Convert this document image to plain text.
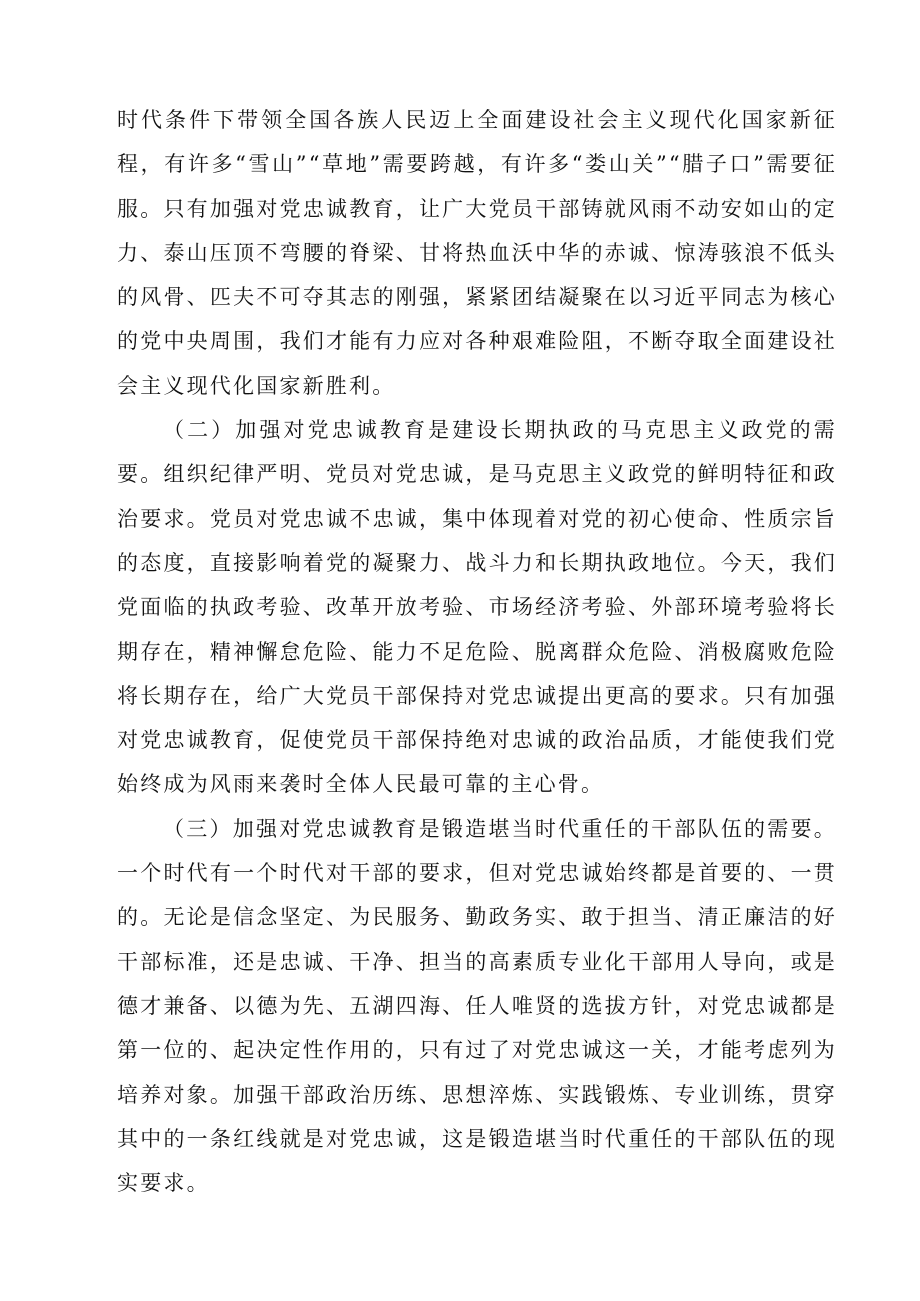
时代条件下带领全国各族人民迈上全面建设社会主义现代化国家新征程，有许多“雪山”“草地”需要跨越，有许多“娄山关”“腊子口”需要征服。只有加强对党忠诚教育，让广大党员干部铸就风雨不动安如山的定力、泰山压顶不弯腰的脊梁、甘将热血沃中华的赤诚、惊涛骇浪不低头的风骨、匹夫不可夺其志的刚强，紧紧团结凝聚在以习近平同志为核心的党中央周围，我们才能有力应对各种艰难险阻，不断夺取全面建设社会主义现代化国家新胜利。

（二）加强对党忠诚教育是建设长期执政的马克思主义政党的需要。组织纪律严明、党员对党忠诚，是马克思主义政党的鲜明特征和政治要求。党员对党忠诚不忠诚，集中体现着对党的初心使命、性质宗旨的态度，直接影响着党的凝聚力、战斗力和长期执政地位。今天，我们党面临的执政考验、改革开放考验、市场经济考验、外部环境考验将长期存在，精神懈怠危险、能力不足危险、脱离群众危险、消极腐败危险将长期存在，给广大党员干部保持对党忠诚提出更高的要求。只有加强对党忠诚教育，促使党员干部保持绝对忠诚的政治品质，才能使我们党始终成为风雨来袭时全体人民最可靠的主心骨。

（三）加强对党忠诚教育是锻造堪当时代重任的干部队伍的需要。一个时代有一个时代对干部的要求，但对党忠诚始终都是首要的、一贯的。无论是信念坚定、为民服务、勤政务实、敢于担当、清正廉洁的好干部标准，还是忠诚、干净、担当的高素质专业化干部用人导向，或是德才兼备、以德为先、五湖四海、任人唯贤的选拔方针，对党忠诚都是第一位的、起决定性作用的，只有过了对党忠诚这一关，才能考虑列为培养对象。加强干部政治历练、思想淬炼、实践锻炼、专业训练，贯穿其中的一条红线就是对党忠诚，这是锻造堪当时代重任的干部队伍的现实要求。
